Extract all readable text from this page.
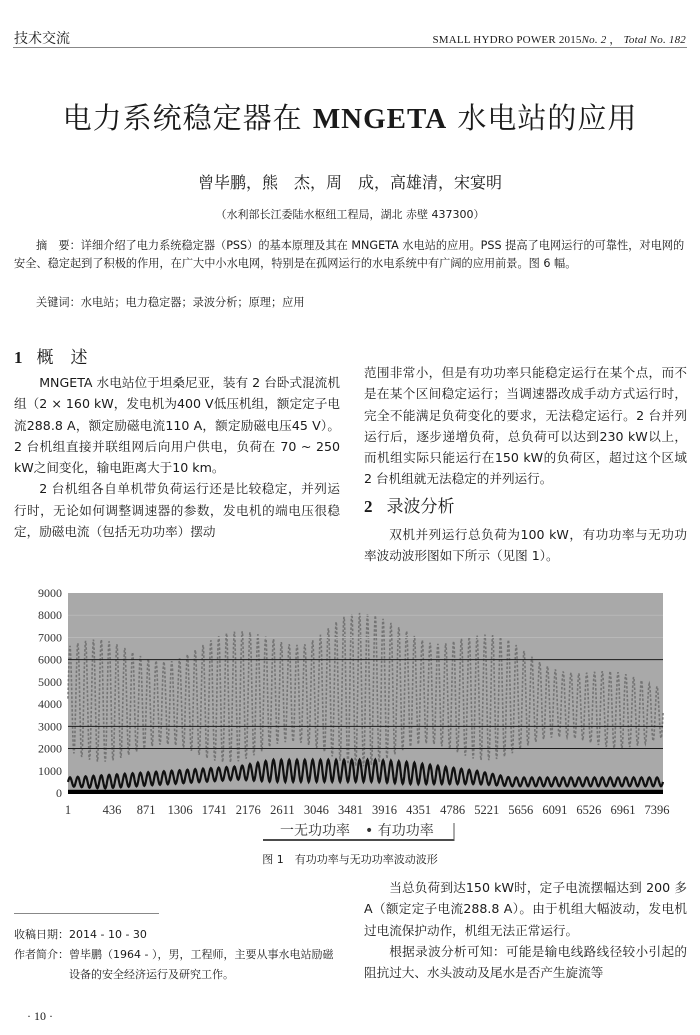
技术交流	SMALL HYDRO POWER 2015No. 2 ， Total No. 182
电力系统稳定器在 MNGETA 水电站的应用
曾毕鹏，熊　杰，周　成，高雄清，宋宴明
（水利部长江委陆水枢纽工程局，湖北 赤壁 437300）
摘　要：详细介绍了电力系统稳定器（PSS）的基本原理及其在 MNGETA 水电站的应用。PSS 提高了电网运行的可靠性，对电网的安全、稳定起到了积极的作用，在广大中小水电网，特别是在孤网运行的水电系统中有广阔的应用前景。图 6 幅。
关键词：水电站；电力稳定器；录波分析；原理；应用
1 概　述

MNGETA 水电站位于坦桑尼亚，装有 2 台卧式混流机组（2 × 160 kW，发电机为400 V低压机组，额定定子电流288.8 A，额定励磁电流110 A，额定励磁电压45 V）。2 台机组直接并联组网后向用户供电，负荷在 70 ~ 250 kW之间变化，输电距离大于10 km。

2 台机组各自单机带负荷运行还是比较稳定，并列运行时，无论如何调整调速器的参数，发电机的端电压很稳定，励磁电流（包括无功功率）摆动

范围非常小，但是有功功率只能稳定运行在某个点，而不是在某个区间稳定运行；当调速器改成手动方式运行时，完全不能满足负荷变化的要求，无法稳定运行。2 台并列运行后，逐步递增负荷，总负荷可以达到230 kW以上，而机组实际只能运行在150 kW的负荷区，超过这个区域 2 台机组就无法稳定的并列运行。

2 录波分析

双机并列运行总负荷为100 kW，有功功率与无功功率波动波形图如下所示（见图 1）。

0
1000
2000
3000
4000
5000
6000
7000
8000
9000
1	436 871 1306 1741 2176 2611 3046 3481 3916 4351 4786 5221 5656 6091 6526 6961 7396
一无功功率 • 有功功率
图 1　有功功率与无功功率波动波形

当总负荷到达150 kW时，定子电流摆幅达到 200 多 A（额定定子电流288.8 A）。由于机组大幅波动，发电机过电流保护动作，机组无法正常运行。

根据录波分析可知：可能是输电线路线径较小引起的阻抗过大、水头波动及尾水是否产生旋流等

收稿日期： 2014 - 10 - 30
作者简介： 曾毕鹏（1964 - ），男，工程师，主要从事水电站励磁设备的安全经济运行及研究工作。
· 10 ·
